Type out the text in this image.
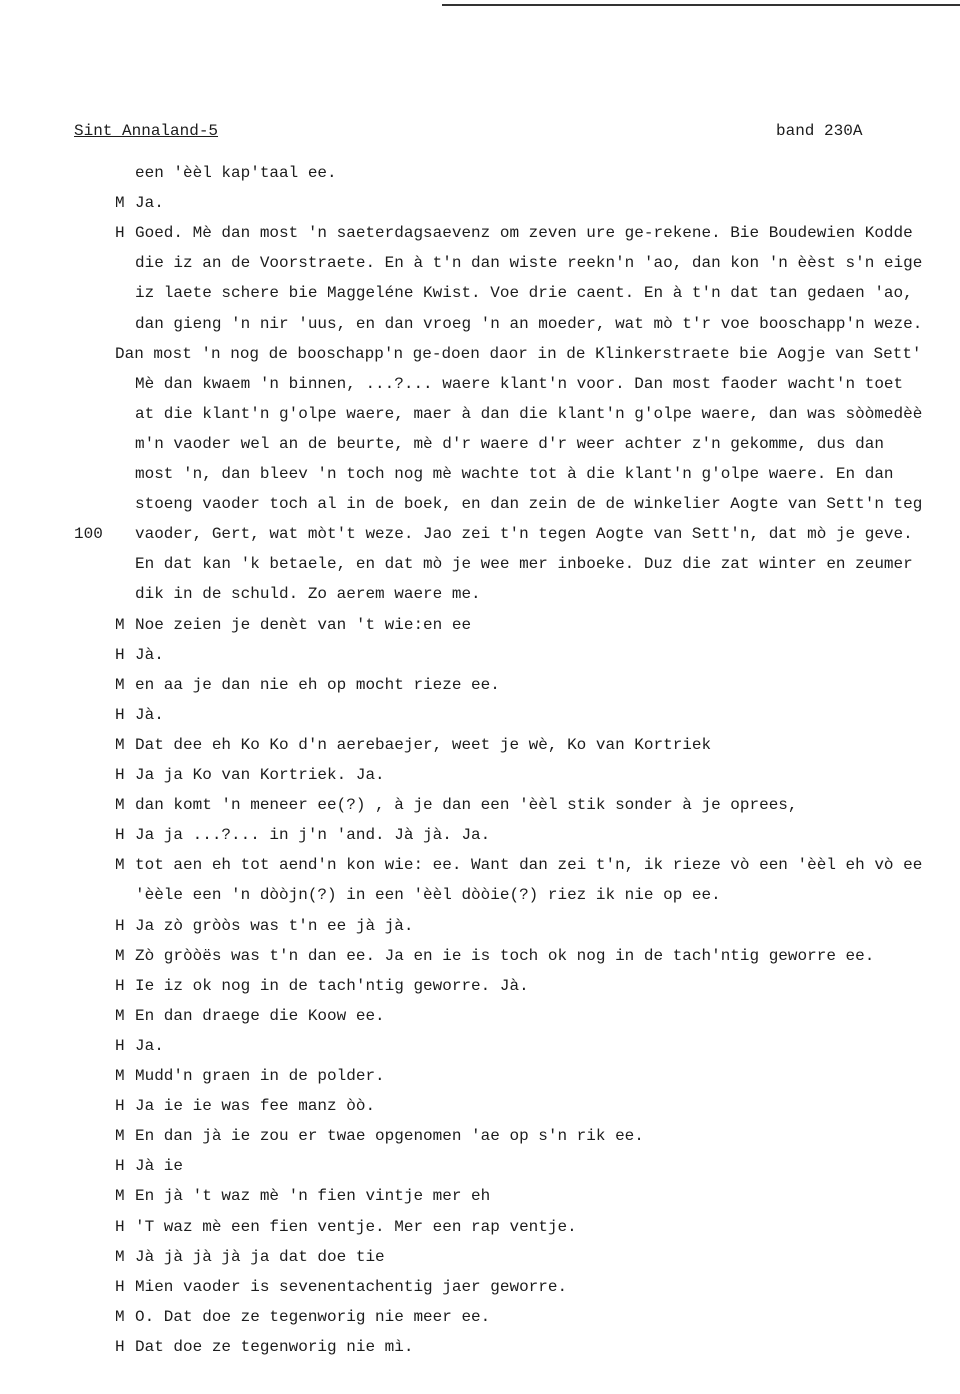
Sint Annaland-5	band 230A
100
een 'èèl kap'taal ee.
M Ja.
H Goed. Mè dan most 'n saeterdagsaevenz om zeven ure ge-rekene. Bie Boudewien Kodde
die iz an de Voorstraete. En à t'n dan wiste reekn'n 'ao, dan kon 'n èèst s'n eige
iz laete schere bie Maggeléne Kwist. Voe drie caent. En à t'n dat tan gedaen 'ao,
dan gieng 'n nir 'uus, en dan vroeg 'n an moeder, wat mò t'r voe booschapp'n weze.
Dan most 'n nog de booschapp'n ge-doen daor in de Klinkerstraete bie Aogje van Sett'
Mè dan kwaem 'n binnen, ...?... waere klant'n voor. Dan most faoder wacht'n toet
at die klant'n g'olpe waere, maer à dan die klant'n g'olpe waere, dan was sòòmedèè
m'n vaoder wel an de beurte, mè d'r waere d'r weer achter z'n gekomme, dus dan
most 'n, dan bleev 'n toch nog mè wachte tot à die klant'n g'olpe waere. En dan
stoeng vaoder toch al in de boek, en dan zein de de winkelier Aogte van Sett'n teg
vaoder, Gert, wat mòt't weze. Jao zei t'n tegen Aogte van Sett'n, dat mò je geve.
En dat kan 'k betaele, en dat mò je wee mer inboeke. Duz die zat winter en zeumer
dik in de schuld. Zo aerem waere me.
M Noe zeien je denèt van 't wie:en ee
H Jà.
M en aa je dan nie eh op mocht rieze ee.
H Jà.
M Dat dee eh Ko Ko d'n aerebaejer, weet je wè, Ko van Kortriek
H Ja ja Ko van Kortriek. Ja.
M dan komt 'n meneer ee(?) , à je dan een 'èèl stik sonder à je oprees,
H Ja ja ...?... in j'n 'and. Jà jà. Ja.
M tot aen eh tot aend'n kon wie: ee. Want dan zei t'n, ik rieze vò een 'èèl eh vò ee
'èèle een 'n dòòjn(?) in een 'èèl dòòie(?) riez ik nie op ee.
H Ja zò gròòs was t'n ee jà jà.
M Zò gròòës was t'n dan ee. Ja en ie is toch ok nog in de tach'ntig geworre ee.
H Ie iz ok nog in de tach'ntig geworre. Jà.
M En dan draege die Koow ee.
H Ja.
M Mudd'n graen in de polder.
H Ja ie ie was fee manz òò.
M En dan jà ie zou er twae opgenomen 'ae op s'n rik ee.
H Jà ie
M En jà 't waz mè 'n fien vintje mer eh
H 'T waz mè een fien ventje. Mer een rap ventje.
M Jà jà jà jà ja dat doe tie
H Mien vaoder is sevenentachentig jaer geworre.
M O. Dat doe ze tegenworig nie meer ee.
H Dat doe ze tegenworig nie mì.
